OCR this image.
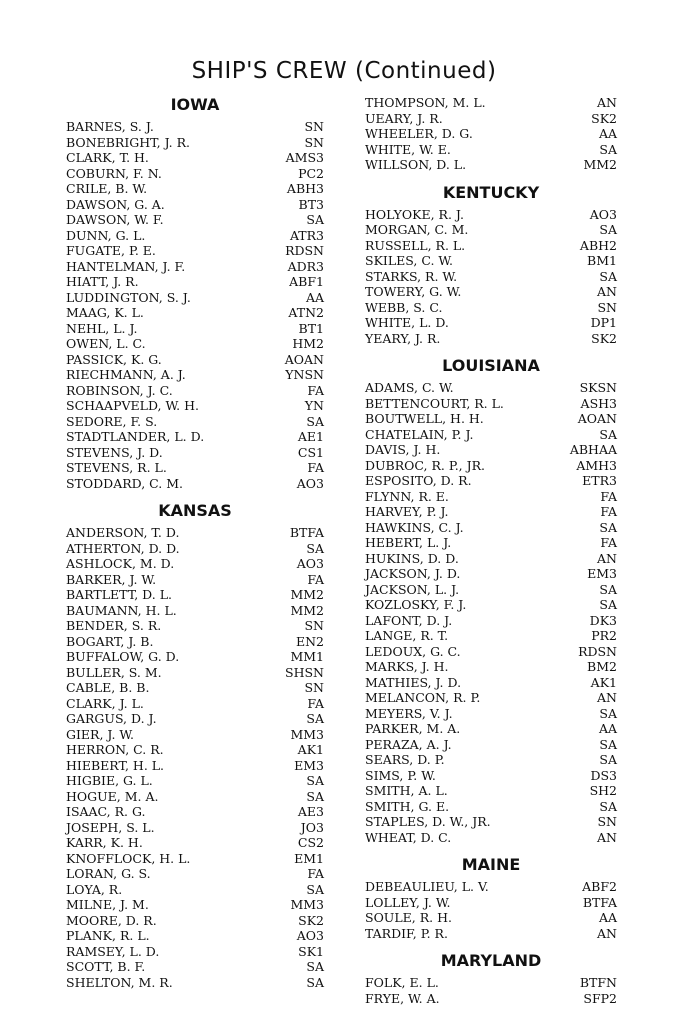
SHIP'S CREW (Continued)
IOWA
BARNES, S. J.	SN
BONEBRIGHT, J. R.	SN
CLARK, T. H.	AMS3
COBURN, F. N.	PC2
CRILE, B. W.	ABH3
DAWSON, G. A.	BT3
DAWSON, W. F.	SA
DUNN, G. L.	ATR3
FUGATE, P. E.	RDSN
HANTELMAN, J. F.	ADR3
HIATT, J. R.	ABF1
LUDDINGTON, S. J.	AA
MAAG, K. L.	ATN2
NEHL, L. J.	BT1
OWEN, L. C.	HM2
PASSICK, K. G.	AOAN
RIECHMANN, A. J.	YNSN
ROBINSON, J. C.	FA
SCHAAPVELD, W. H.	YN
SEDORE, F. S.	SA
STADTLANDER, L. D.	AE1
STEVENS, J. D.	CS1
STEVENS, R. L.	FA
STODDARD, C. M.	AO3
KANSAS
ANDERSON, T. D.	BTFA
ATHERTON, D. D.	SA
ASHLOCK, M. D.	AO3
BARKER, J. W.	FA
BARTLETT, D. L.	MM2
BAUMANN, H. L.	MM2
BENDER, S. R.	SN
BOGART, J. B.	EN2
BUFFALOW, G. D.	MM1
BULLER, S. M.	SHSN
CABLE, B. B.	SN
CLARK, J. L.	FA
GARGUS, D. J.	SA
GIER, J. W.	MM3
HERRON, C. R.	AK1
HIEBERT, H. L.	EM3
HIGBIE, G. L.	SA
HOGUE, M. A.	SA
ISAAC, R. G.	AE3
JOSEPH, S. L.	JO3
KARR, K. H.	CS2
KNOFFLOCK, H. L.	EM1
LORAN, G. S.	FA
LOYA, R.	SA
MILNE, J. M.	MM3
MOORE, D. R.	SK2
PLANK, R. L.	AO3
RAMSEY, L. D.	SK1
SCOTT, B. F.	SA
SHELTON, M. R.	SA
THOMPSON, M. L.	AN
UEARY, J. R.	SK2
WHEELER, D. G.	AA
WHITE, W. E.	SA
WILLSON, D. L.	MM2
KENTUCKY
HOLYOKE, R. J.	AO3
MORGAN, C. M.	SA
RUSSELL, R. L.	ABH2
SKILES, C. W.	BM1
STARKS, R. W.	SA
TOWERY, G. W.	AN
WEBB, S. C.	SN
WHITE, L. D.	DP1
YEARY, J. R.	SK2
LOUISIANA
ADAMS, C. W.	SKSN
BETTENCOURT, R. L.	ASH3
BOUTWELL, H. H.	AOAN
CHATELAIN, P. J.	SA
DAVIS, J. H.	ABHAA
DUBROC, R. P., JR.	AMH3
ESPOSITO, D. R.	ETR3
FLYNN, R. E.	FA
HARVEY, P. J.	FA
HAWKINS, C. J.	SA
HEBERT, L. J.	FA
HUKINS, D. D.	AN
JACKSON, J. D.	EM3
JACKSON, L. J.	SA
KOZLOSKY, F. J.	SA
LAFONT, D. J.	DK3
LANGE, R. T.	PR2
LEDOUX, G. C.	RDSN
MARKS, J. H.	BM2
MATHIES, J. D.	AK1
MELANCON, R. P.	AN
MEYERS, V. J.	SA
PARKER, M. A.	AA
PERAZA, A. J.	SA
SEARS, D. P.	SA
SIMS, P. W.	DS3
SMITH, A. L.	SH2
SMITH, G. E.	SA
STAPLES, D. W., JR.	SN
WHEAT, D. C.	AN
MAINE
DEBEAULIEU, L. V.	ABF2
LOLLEY, J. W.	BTFA
SOULE, R. H.	AA
TARDIF, P. R.	AN
MARYLAND
FOLK, E. L.	BTFN
FRYE, W. A.	SFP2
